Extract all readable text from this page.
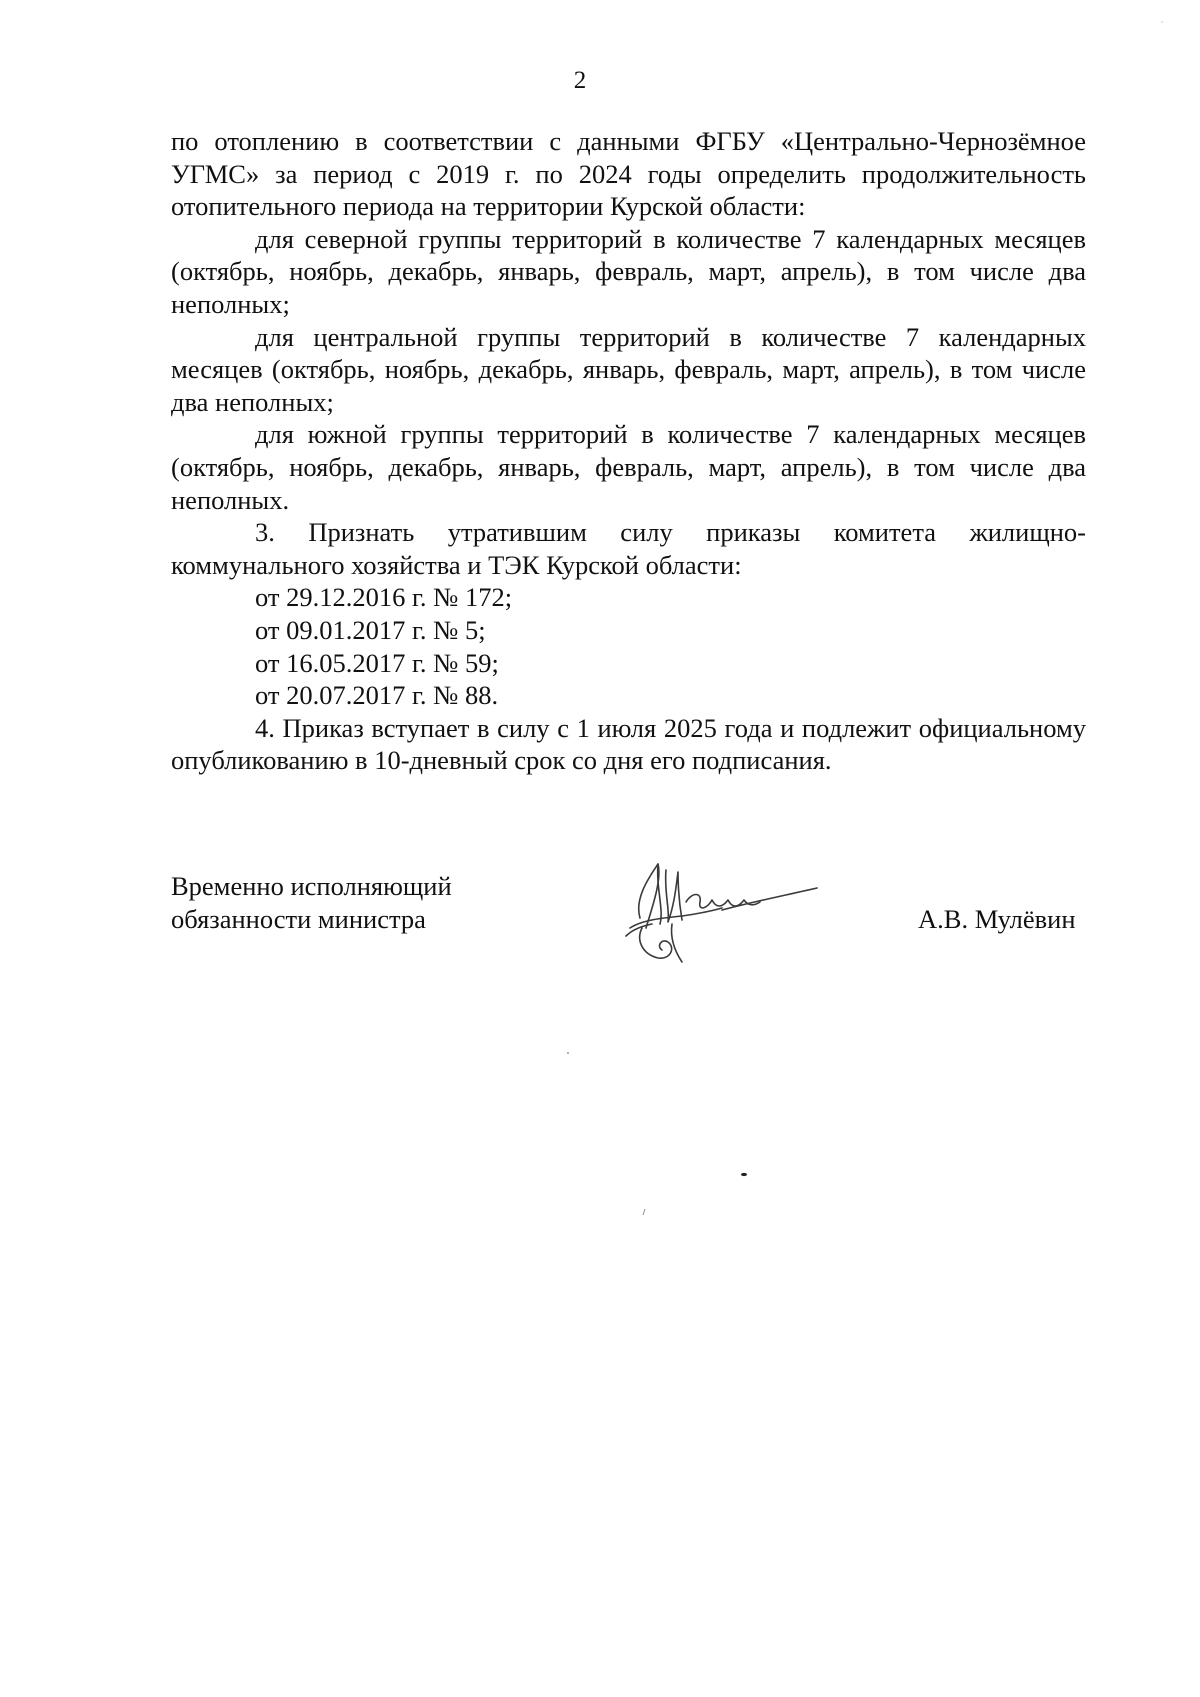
2

по отоплению в соответствии с данными ФГБУ «Центрально-Чернозёмное УГМС» за период с 2019 г. по 2024 годы определить продолжительность отопительного периода на территории Курской области:

для северной группы территорий в количестве 7 календарных месяцев (октябрь, ноябрь, декабрь, январь, февраль, март, апрель), в том числе два неполных;

для центральной группы территорий в количестве 7 календарных месяцев (октябрь, ноябрь, декабрь, январь, февраль, март, апрель), в том числе два неполных;

для южной группы территорий в количестве 7 календарных месяцев (октябрь, ноябрь, декабрь, январь, февраль, март, апрель), в том числе два неполных.

3. Признать утратившим силу приказы комитета жилищно-коммунального хозяйства и ТЭК Курской области:

от 29.12.2016 г. № 172;

от 09.01.2017 г. № 5;

от 16.05.2017 г. № 59;

от 20.07.2017 г. № 88.

4. Приказ вступает в силу с 1 июля 2025 года и подлежит официальному опубликованию в 10-дневный срок со дня его подписания.

Временно исполняющий
обязанности министра	А.В. Мулёвин
